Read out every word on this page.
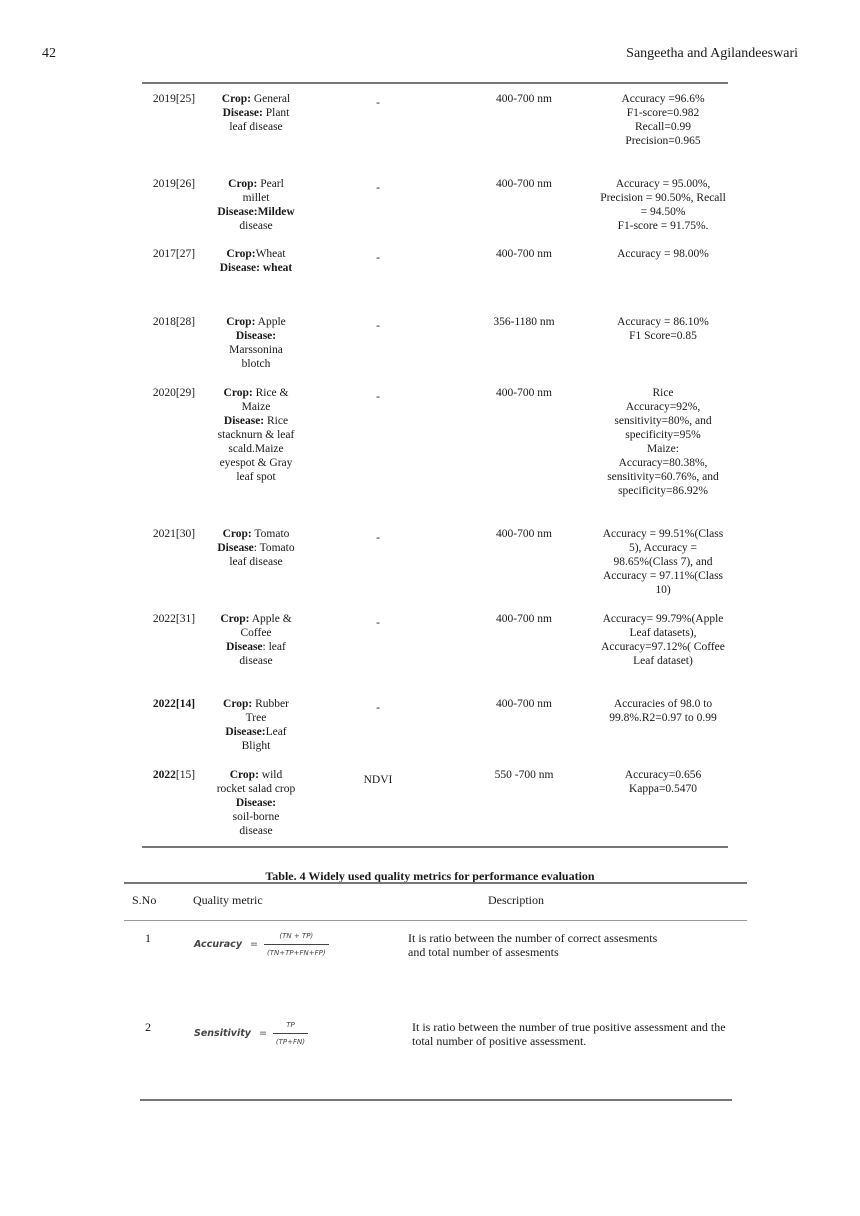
42	Sangeetha and Agilandeeswari
2019[25]	Crop: General
Disease: Plant
leaf disease
-	400-700 nm	Accuracy =96.6%
F1-score=0.982
Recall=0.99
Precision=0.965
2019[26]	Crop: Pearl
millet
Disease:Mildew
disease
-	400-700 nm	Accuracy = 95.00%,
Precision = 90.50%, Recall
= 94.50%
F1-score = 91.75%.
2017[27]	Crop:Wheat
Disease: wheat
-	400-700 nm	Accuracy = 98.00%
2018[28]	Crop: Apple
Disease:
Marssonina
blotch
-	356-1180 nm	Accuracy = 86.10%
F1 Score=0.85
2020[29]	Crop: Rice &
Maize
Disease: Rice
stacknurn & leaf
scald.Maize
eyespot & Gray
leaf spot
-	400-700 nm	Rice
Accuracy=92%,
sensitivity=80%, and
specificity=95%
Maize:
Accuracy=80.38%,
sensitivity=60.76%, and
specificity=86.92%
2021[30]	Crop: Tomato
Disease: Tomato
leaf disease
-	400-700 nm	Accuracy = 99.51%(Class
5), Accuracy =
98.65%(Class 7), and
Accuracy = 97.11%(Class
10)
2022[31]	Crop: Apple &
Coffee
Disease: leaf
disease
-	400-700 nm	Accuracy= 99.79%(Apple
Leaf datasets),
Accuracy=97.12%( Coffee
Leaf dataset)
2022[14]	Crop: Rubber
Tree
Disease:Leaf
Blight
-	400-700 nm	Accuracies of 98.0 to
99.8%.R2=0.97 to 0.99
2022[15]	Crop: wild
rocket salad crop
Disease:
soil-borne
disease
NDVI	550 -700 nm	Accuracy=0.656
Kappa=0.5470
Table. 4 Widely used quality metrics for performance evaluation
S.No	Quality metric	Description
1	Accuracy = $\frac{(TN + TP)}{(TN+TP+FN+FP)}$	It is ratio between the number of correct assesments
and total number of assesments
2	Sensitivity = $\frac{TP}{(TP+FN)}$	It is ratio between the number of true positive assessment and the
total number of positive assessment.
